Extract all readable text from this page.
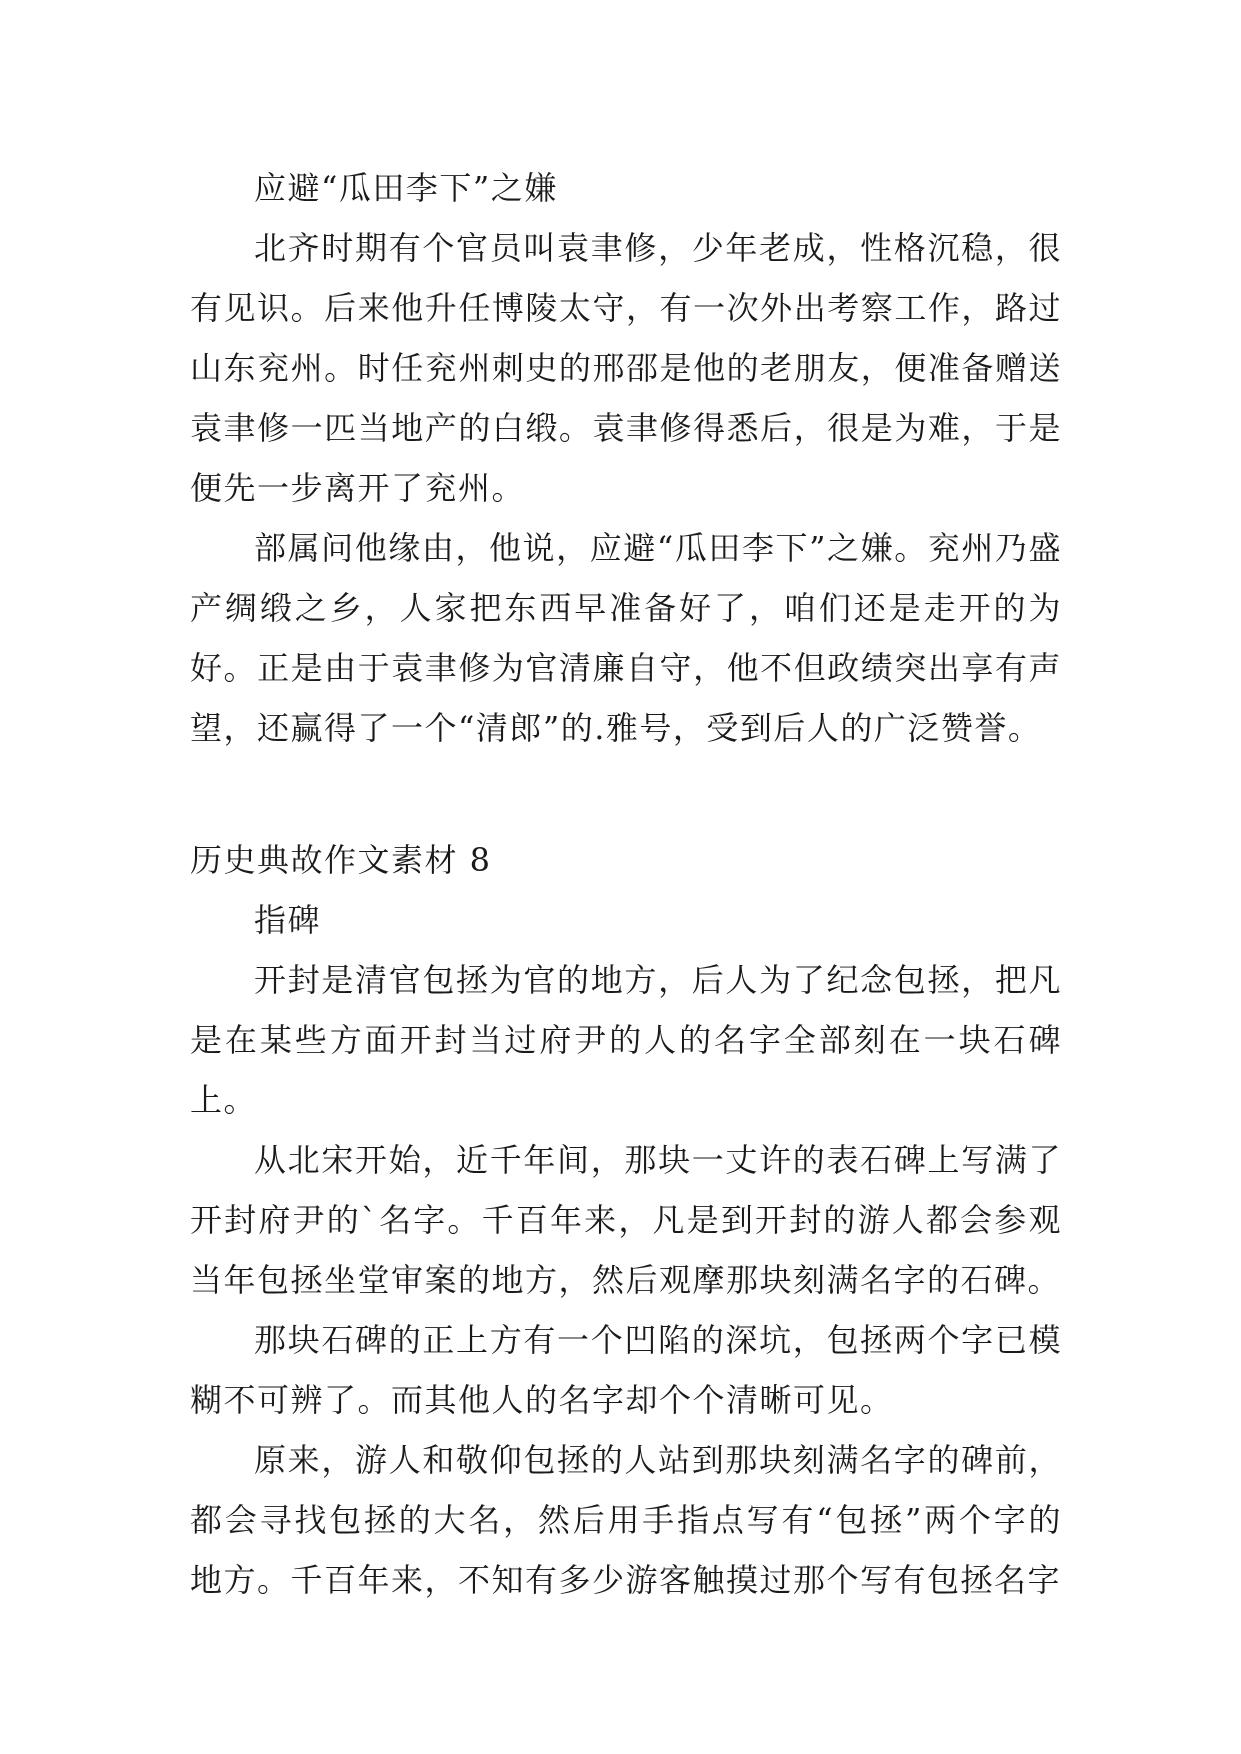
应避“瓜田李下”之嫌

北齐时期有个官员叫袁聿修，少年老成，性格沉稳，很有见识。后来他升任博陵太守，有一次外出考察工作，路过山东兖州。时任兖州刺史的邢邵是他的老朋友，便准备赠送袁聿修一匹当地产的白缎。袁聿修得悉后，很是为难，于是便先一步离开了兖州。

部属问他缘由，他说，应避“瓜田李下”之嫌。兖州乃盛产绸缎之乡，人家把东西早准备好了，咱们还是走开的为好。正是由于袁聿修为官清廉自守，他不但政绩突出享有声望，还赢得了一个“清郎”的.雅号，受到后人的广泛赞誉。

历史典故作文素材 8

指碑

开封是清官包拯为官的地方，后人为了纪念包拯，把凡是在某些方面开封当过府尹的人的名字全部刻在一块石碑上。

从北宋开始，近千年间，那块一丈许的表石碑上写满了开封府尹的`名字。千百年来，凡是到开封的游人都会参观当年包拯坐堂审案的地方，然后观摩那块刻满名字的石碑。

那块石碑的正上方有一个凹陷的深坑，包拯两个字已模糊不可辨了。而其他人的名字却个个清晰可见。

原来，游人和敬仰包拯的人站到那块刻满名字的碑前，都会寻找包拯的大名，然后用手指点写有“包拯”两个字的地方。千百年来，不知有多少游客触摸过那个写有包拯名字
